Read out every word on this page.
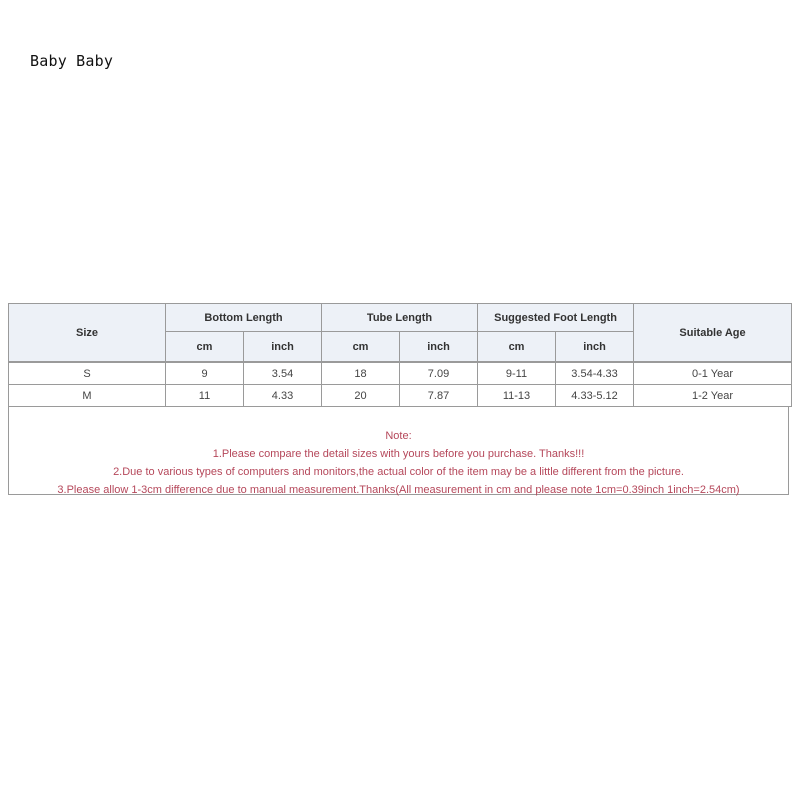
Baby Baby
Size	Bottom Length		Tube Length		Suggested Foot Length		Suitable Age
	cm	inch	cm	inch	cm	inch	
S	9	3.54	18	7.09	9-11	3.54-4.33	0-1 Year
M	11	4.33	20	7.87	11-13	4.33-5.12	1-2 Year
Note:
1.Please compare the detail sizes with yours before you purchase. Thanks!!!
2.Due to various types of computers and monitors,the actual color of the item may be a little different from the picture.
3.Please allow 1-3cm difference due to manual measurement.Thanks(All measurement in cm and please note 1cm=0.39inch 1inch=2.54cm)
